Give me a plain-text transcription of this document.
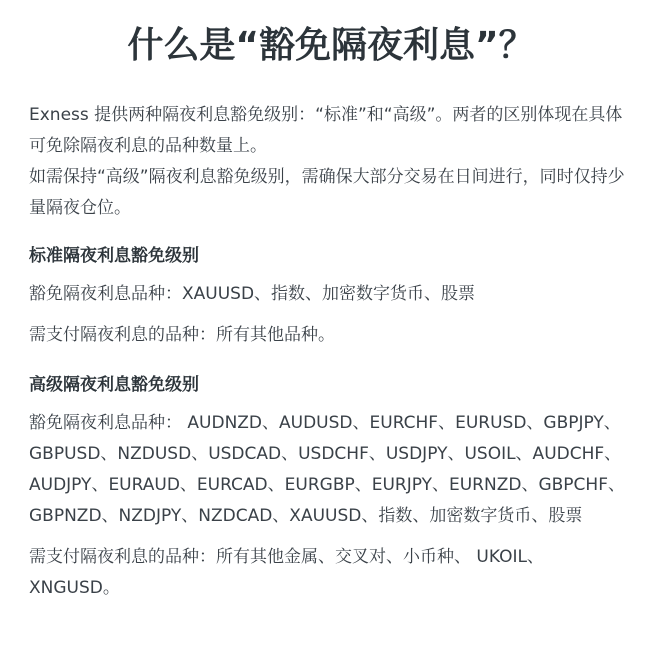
什么是“豁免隔夜利息”？

Exness 提供两种隔夜利息豁免级别：“标准”和“高级”。两者的区别体现在具体可免除隔夜利息的品种数量上。

如需保持“高级”隔夜利息豁免级别，需确保大部分交易在日间进行，同时仅持少量隔夜仓位。

标准隔夜利息豁免级别

豁免隔夜利息品种：XAUUSD、指数、加密数字货币、股票

需支付隔夜利息的品种：所有其他品种。

高级隔夜利息豁免级别

豁免隔夜利息品种： AUDNZD、AUDUSD、EURCHF、EURUSD、GBPJPY、GBPUSD、NZDUSD、USDCAD、USDCHF、USDJPY、USOIL、AUDCHF、AUDJPY、EURAUD、EURCAD、EURGBP、EURJPY、EURNZD、GBPCHF、GBPNZD、NZDJPY、NZDCAD、XAUUSD、指数、加密数字货币、股票

需支付隔夜利息的品种：所有其他金属、交叉对、小币种、 UKOIL、XNGUSD。
